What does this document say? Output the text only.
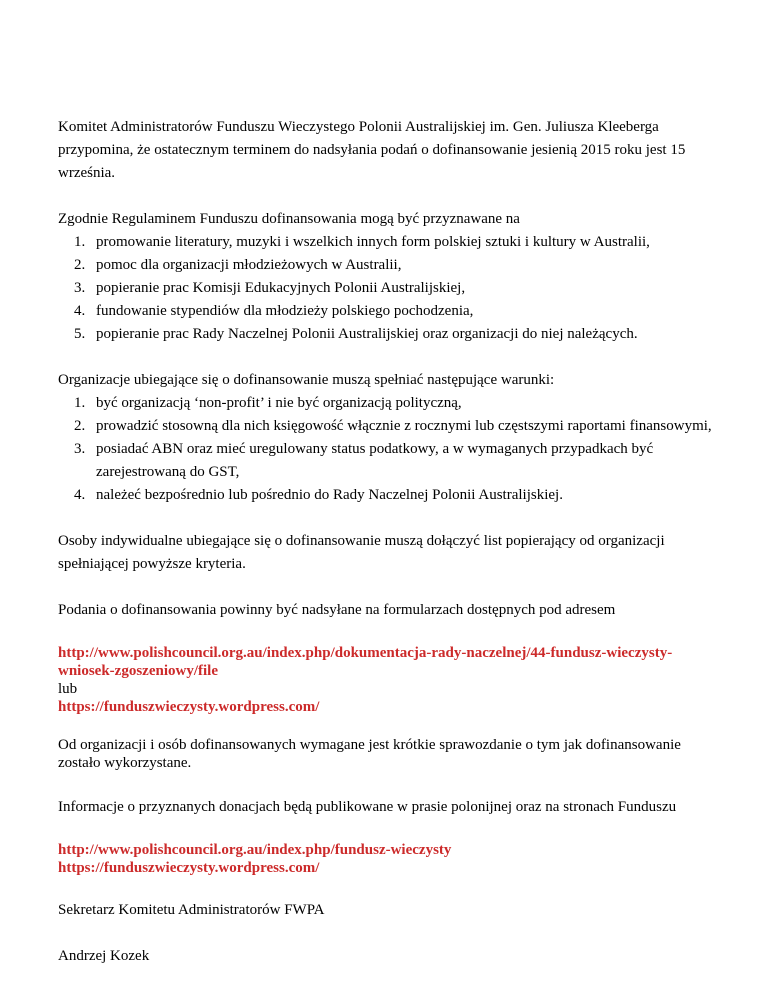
Komitet Administratorów Funduszu Wieczystego Polonii Australijskiej im. Gen. Juliusza Kleeberga przypomina, że ostatecznym terminem do nadsyłania podań o dofinansowanie jesienią 2015 roku jest 15 września.

Zgodnie Regulaminem Funduszu dofinansowania mogą być przyznawane na

1. promowanie literatury, muzyki i wszelkich innych form polskiej sztuki i kultury w Australii,
2. pomoc dla organizacji młodzieżowych w Australii,
3. popieranie prac Komisji Edukacyjnych Polonii Australijskiej,
4. fundowanie stypendiów dla młodzieży polskiego pochodzenia,
5. popieranie prac Rady Naczelnej Polonii Australijskiej oraz organizacji do niej należących.

Organizacje ubiegające się o dofinansowanie muszą spełniać następujące warunki:

1. być organizacją ‘non-profit’ i nie być organizacją polityczną,
2. prowadzić stosowną dla nich księgowość włącznie z rocznymi lub częstszymi raportami finansowymi,
3. posiadać ABN oraz mieć uregulowany status podatkowy, a w wymaganych przypadkach być zarejestrowaną do GST,
4. należeć bezpośrednio lub pośrednio do Rady Naczelnej Polonii Australijskiej.

Osoby indywidualne ubiegające się o dofinansowanie muszą dołączyć list popierający od organizacji spełniającej powyższe kryteria.

Podania o dofinansowania powinny być nadsyłane na formularzach dostępnych pod adresem

http://www.polishcouncil.org.au/index.php/dokumentacja-rady-naczelnej/44-fundusz-wieczysty-
wniosek-zgoszeniowy/file
lub
https://funduszwieczysty.wordpress.com/

Od organizacji i osób dofinansowanych wymagane jest krótkie sprawozdanie o tym jak dofinansowanie zostało wykorzystane.

Informacje o przyznanych donacjach będą publikowane w prasie polonijnej oraz na stronach Funduszu

http://www.polishcouncil.org.au/index.php/fundusz-wieczysty
https://funduszwieczysty.wordpress.com/

Sekretarz Komitetu Administratorów FWPA

Andrzej Kozek
